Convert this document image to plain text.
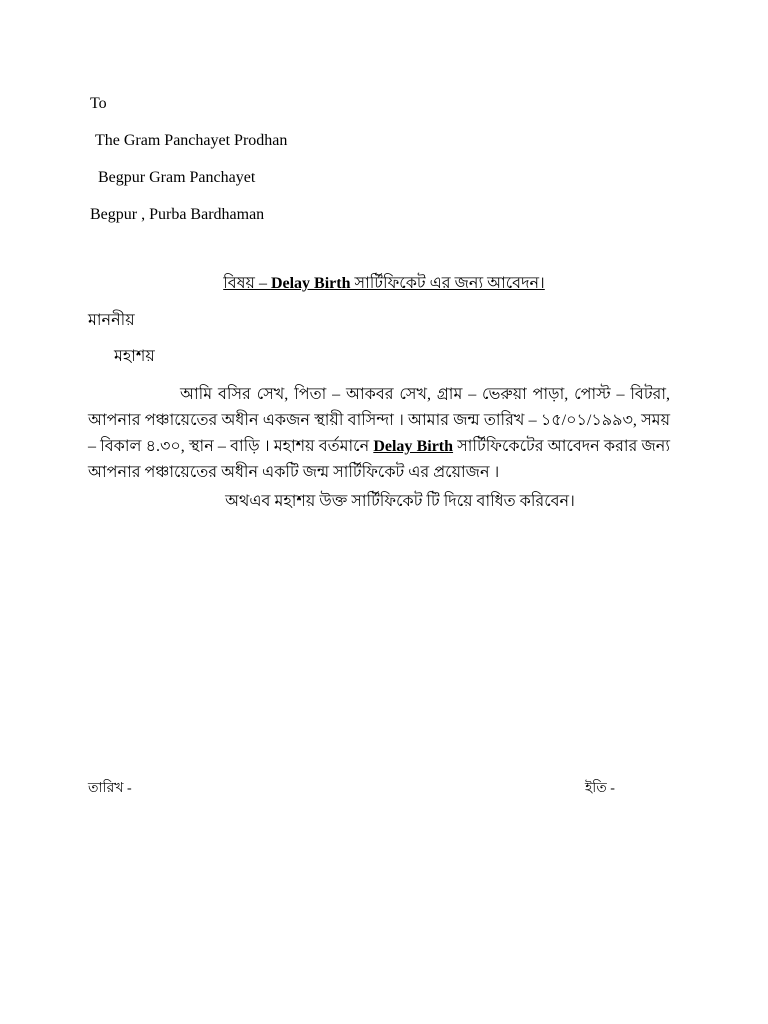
To
The Gram Panchayet Prodhan
Begpur Gram Panchayet
Begpur , Purba Bardhaman
বিষয় – Delay Birth সার্টিফিকেট এর জন্য আবেদন।
মাননীয়
মহাশয়
আমি বসির সেখ, পিতা – আকবর সেখ, গ্রাম – ভেরুয়া পাড়া, পোস্ট – বিটরা, আপনার পঞ্চায়েতের অধীন একজন স্থায়ী বাসিন্দা । আমার জন্ম তারিখ – ১৫/০১/১৯৯৩, সময় – বিকাল ৪.৩০, স্থান – বাড়ি । মহাশয় বর্তমানে Delay Birth সার্টিফিকেটের আবেদন করার জন্য আপনার পঞ্চায়েতের অধীন একটি জন্ম সার্টিফিকেট এর প্রয়োজন ।
অথএব মহাশয় উক্ত সার্টিফিকেট টি দিয়ে বাধিত করিবেন।
তারিখ -	ইতি -
